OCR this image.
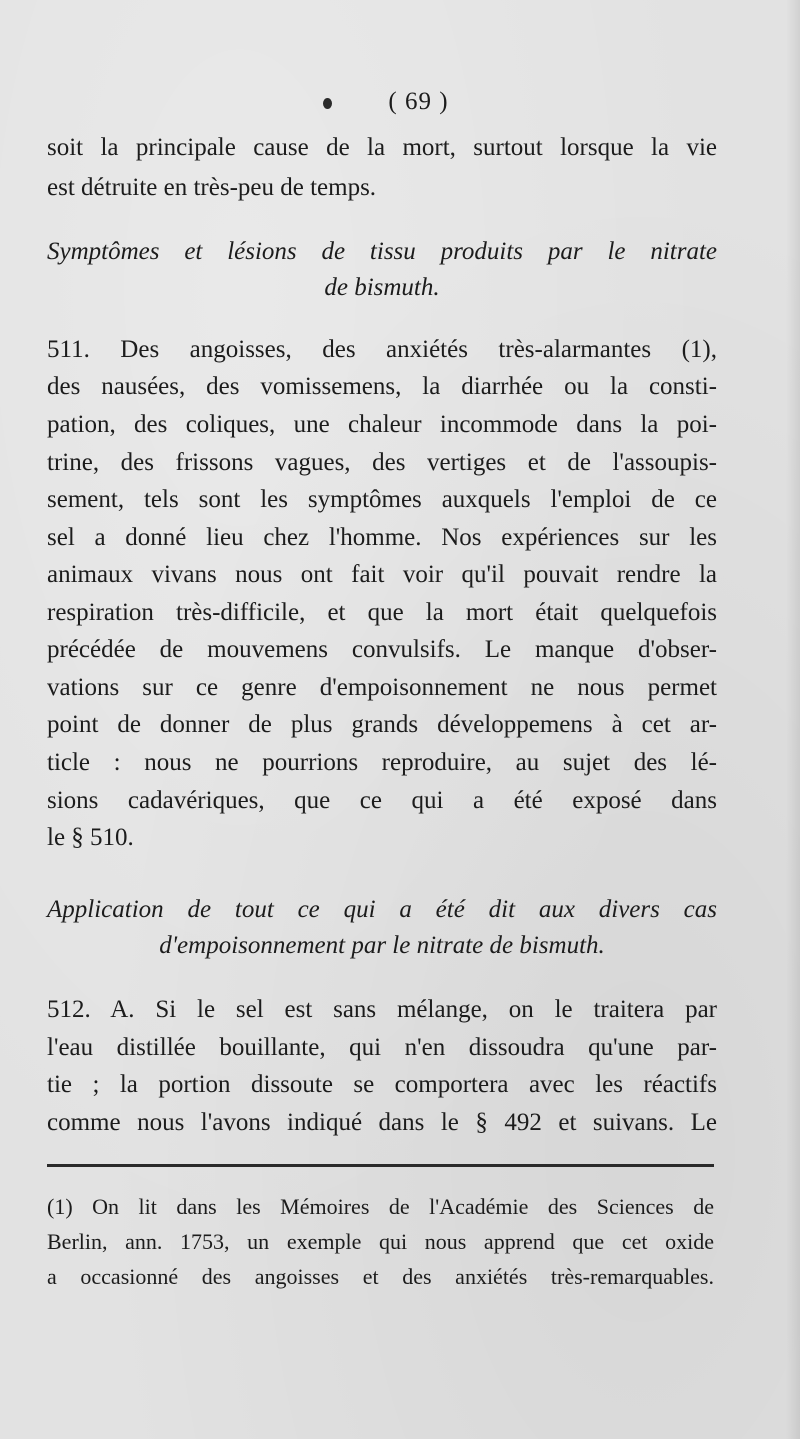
( 69 )
soit la principale cause de la mort, surtout lorsque la vie
est détruite en très-peu de temps.
Symptômes et lésions de tissu produits par le nitrate
de bismuth.
511. Des angoisses, des anxiétés très-alarmantes (1),
des nausées, des vomissemens, la diarrhée ou la consti-
pation, des coliques, une chaleur incommode dans la poi-
trine, des frissons vagues, des vertiges et de l'assoupis-
sement, tels sont les symptômes auxquels l'emploi de ce
sel a donné lieu chez l'homme. Nos expériences sur les
animaux vivans nous ont fait voir qu'il pouvait rendre la
respiration très-difficile, et que la mort était quelquefois
précédée de mouvemens convulsifs. Le manque d'obser-
vations sur ce genre d'empoisonnement ne nous permet
point de donner de plus grands développemens à cet ar-
ticle : nous ne pourrions reproduire, au sujet des lé-
sions cadavériques, que ce qui a été exposé dans
le § 510.
Application de tout ce qui a été dit aux divers cas
d'empoisonnement par le nitrate de bismuth.
512. A. Si le sel est sans mélange, on le traitera par
l'eau distillée bouillante, qui n'en dissoudra qu'une par-
tie ; la portion dissoute se comportera avec les réactifs
comme nous l'avons indiqué dans le § 492 et suivans. Le
(1) On lit dans les Mémoires de l'Académie des Sciences de
Berlin, ann. 1753, un exemple qui nous apprend que cet oxide
a occasionné des angoisses et des anxiétés très-remarquables.
